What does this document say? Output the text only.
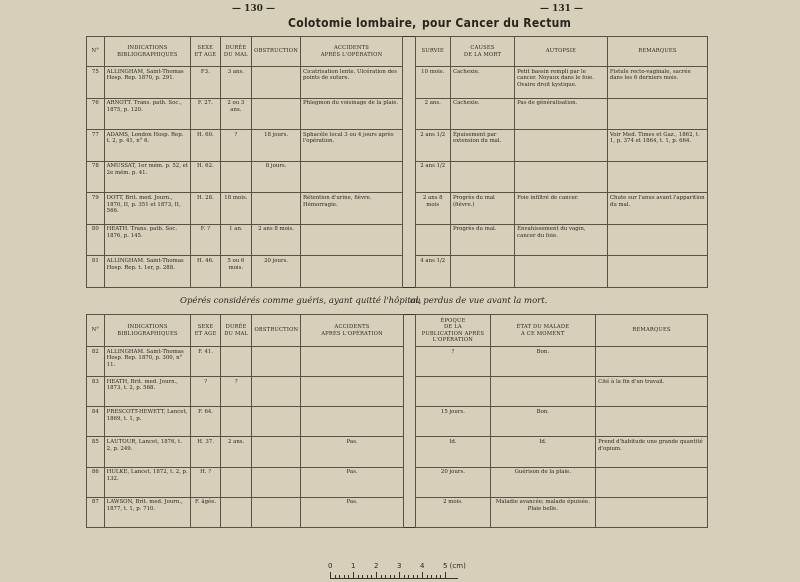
— 130 —	— 131 —
Colotomie lombaire, pour Cancer du Rectum
N°	INDICATIONS
BIBLIOGRAPHIQUES	SEXE
ET AGE	DURÉE
DU MAL	OBSTRUCTION	ACCIDENTS
APRÈS L'OPÉRATION		SURVIE	CAUSES
DE LA MORT	AUTOPSIE	REMARQUES
75	ALLINGHAM, Saint-Thomas Hosp. Rep. 1870, p. 291.	F3.	3 ans.		Cicatrisation lente. Ulcération des points de suture.		10 mois.	Cachexie.	Petit bassin rempli par le cancer. Noyaux dans le foie. Ovaire droit kystique.	Fistule recto-vaginale, sacrée dans les 6 derniers mois.
76	ARNOTT. Trans. path. Soc., 1875, p. 120.	F. 27.	2 ou 3 ans.		Phlegmon du voisinage de la plaie.		2 ans.	Cachexie.	Pas de généralisation.	
77	ADAMS, London Hosp. Rep. t. 2, p. 41, n° 6.	H. 60.	?	18 jours.	Sphacèle local 3 ou 4 jours après l'opération.		2 ans 1/2	Épuisement par extension du mal.		Voir Med. Times et Gaz., 1862, t. 1, p. 374 et 1864, t. 1, p. 664.
78	AMUSSAT, 1er mém. p. 52, et 2e mém. p. 41.	H. 62.		8 jours.			2 ans 1/2			
79	DOTT, Brit. med. Journ., 1870, II, p. 351 et 1873, II, 566.	H. 28.	18 mois.		Rétention d'urine, fièvre. Hémorragie.		2 ans 8 mois	Progrès du mal (fièvre.)	Foie infiltré de cancer.	Chute sur l'anus avant l'apparition du mal.
80	HEATH. Trans. path. Soc. 1876, p. 145.	F. ?	1 an.	2 ans 8 mois.				Progrès du mal.	Envahissement du vagin, cancer du foie.	
81	ALLINGHAM. Saint-Thomas Hosp. Rep. t. 1er, p. 288.	H. 46.	5 ou 6 mois.	20 jours.			4 ans 1/2			
Opérés considérés comme guéris, ayant quitté l'hôpital,
ou perdus de vue avant la mort.
N°	INDICATIONS
BIBLIOGRAPHIQUES	SEXE
ET AGE	DURÉE
DU MAL	OBSTRUCTION	ACCIDENTS
APRÈS L'OPÉRATION		ÉPOQUE
DE LA
PUBLICATION APRÈS L'OPÉRATION	ÉTAT DU MALADE
A CE MOMENT	REMARQUES
82	ALLINGHAM. Saint-Thomas Hosp. Rep. 1870, p. 300, n° 11.	F. 41.					?	Bon.	
83	HEATH, Brit. med. Journ., 1873, t. 2, p. 568.	?	?						Cité à la fin d'un travail.
84	PRESCOTT-HEWETT, Lancet, 1869, t. 1, p.	F. 64.					15 jours.	Bon.	
85	LAUTOUR, Lancet, 1876, t. 2, p. 249.	H. 37.	2 ans.		Pas.		Id.	Id.	Prend d'habitude une grande quantité d'opium.
86	HULKE, Lancet, 1872, t. 2, p. 132.	H. ?			Pas.		20 jours.	Guérison de la plaie.	
87	LAWSON, Brit. med. Journ., 1877, t. 1, p. 710.	F. âgée.			Pas.		2 mois.	Maladie avancée; malade épuisée. Plaie belle.	
0	1	2	3	4	5 (cm)
